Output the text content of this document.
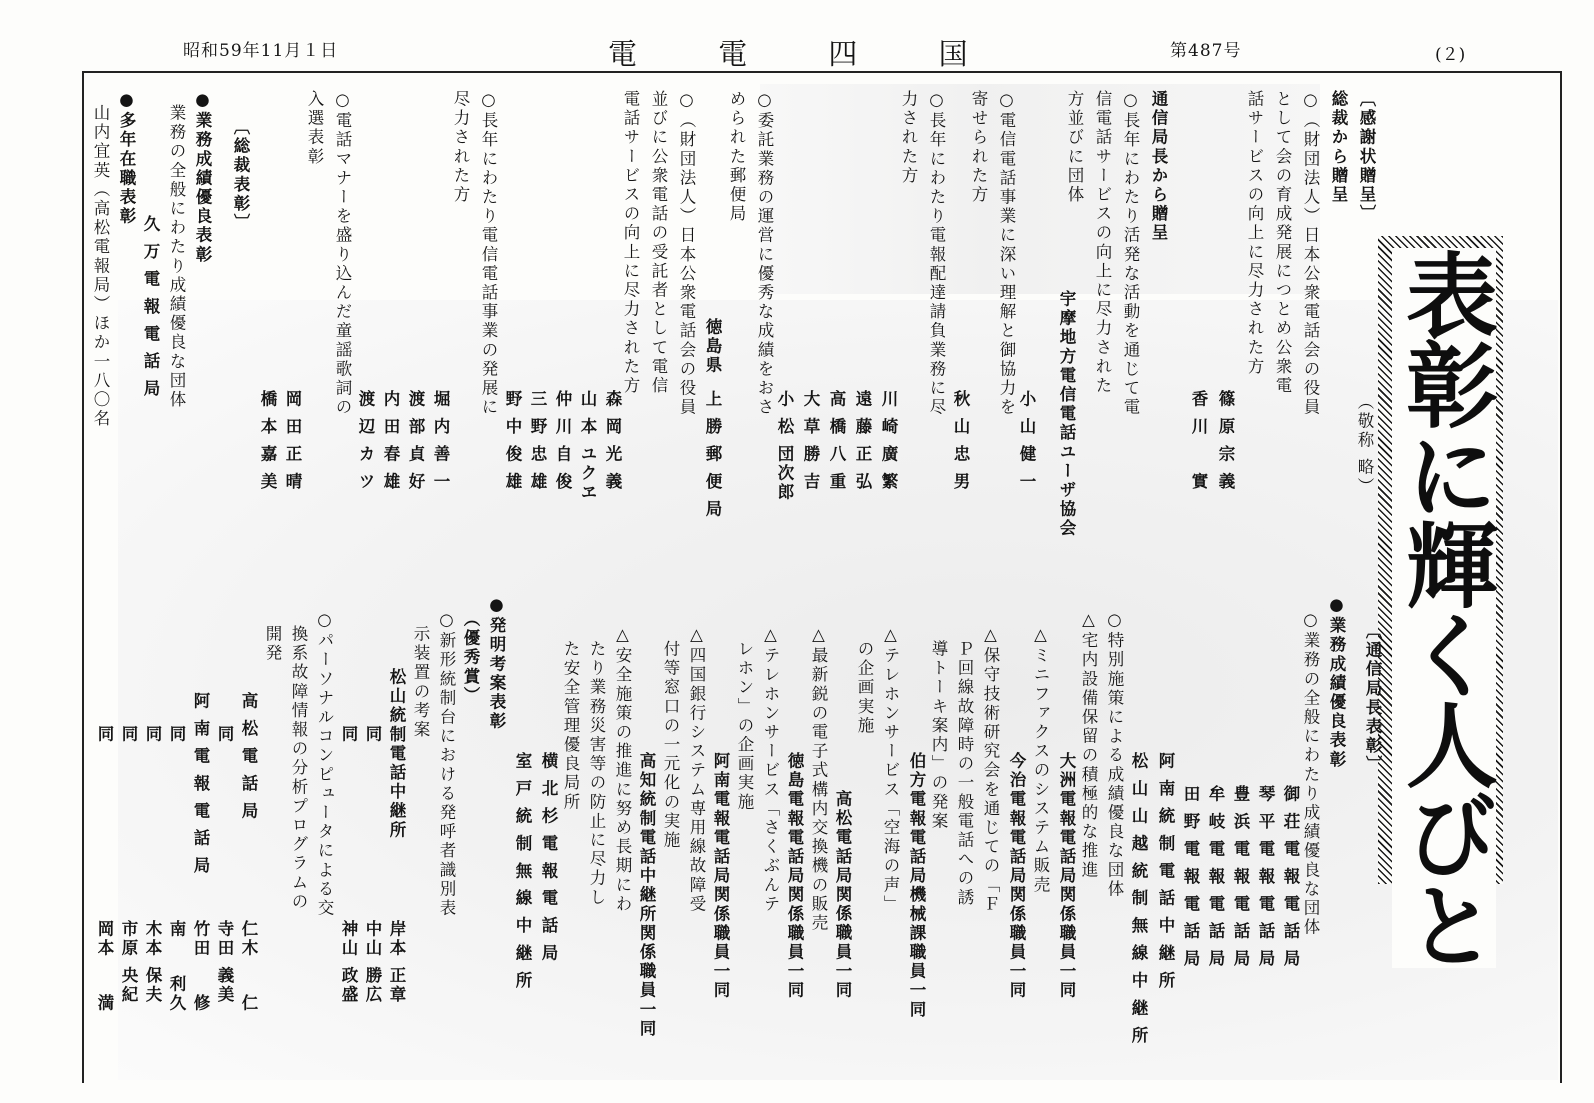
昭和59年11月１日	電 電 四 国	第487号	(２)
表彰に輝く人びと
〔感謝状贈呈〕
総裁から贈呈
○（財団法人）日本公衆電話会の役員
として会の育成発展につとめ公衆電
話サービスの向上に尽力された方
（敬称 略）
篠 原 宗 義
香 川 　 實
通信局長から贈呈
○長年にわたり活発な活動を通じて電
信電話サービスの向上に尽力された
方並びに団体
宇摩地方電信電話ユーザ協会
小 山 健 一
○電信電話事業に深い理解と御協力を
寄せられた方
秋 山 忠 男
○長年にわたり電報配達請負業務に尽
力された方
川 崎 廣 繁
遠 藤 正 弘
高 橋 八 重
大 草 勝 吉
小 松 団次郎
○委託業務の運営に優秀な成績をおさ
められた郵便局
徳島県
上 勝 郵 便 局
○（財団法人）日本公衆電話会の役員
並びに公衆電話の受託者として電信
電話サービスの向上に尽力された方
森 岡 光 義
山 本 ユクヱ
仲 川 自 俊
三 野 忠 雄
野 中 俊 雄
○長年にわたり電信電話事業の発展に
尽力された方
堀 内 善 一
渡 部 貞 好
内 田 春 雄
渡 辺 カ ツ
○電話マナーを盛り込んだ童謡歌詞の
入選表彰
岡 田 正 晴
橋 本 嘉 美
〔総裁表彰〕
●業務成績優良表彰
業務の全般にわたり成績優良な団体
久 万 電 報 電 話 局
●多年在職表彰
山内宜英（高松電報局）ほか一八〇名
〔通信局長表彰〕
●業務成績優良表彰
○業務の全般にわたり成績優良な団体
御 荘 電 報 電 話 局
琴 平 電 報 電 話 局
豊 浜 電 報 電 話 局
牟 岐 電 報 電 話 局
田 野 電 報 電 話 局
阿 南 統 制 電 話 中 継 所
松 山 山 越 統 制 無 線 中 継 所
○特別施策による成績優良な団体
△宅内設備保留の積極的な推進
大洲電報電話局関係職員一同
△ミニファクスのシステム販売
今治電報電話局関係職員一同
△保守技術研究会を通じての「Ｆ
Ｐ回線故障時の一般電話への誘
導トーキ案内」の発案
伯方電報電話局機械課職員一同
△テレホンサービス「空海の声」
の企画実施
高松電話局関係職員一同
△最新鋭の電子式構内交換機の販売
徳島電報電話局関係職員一同
△テレホンサービス「さくぶんテ
レホン」の企画実施
阿南電報電話局関係職員一同
△四国銀行システム専用線故障受
付等窓口の一元化の実施
高知統制電話中継所関係職員一同
△安全施策の推進に努め長期にわ
たり業務災害等の防止に尽力し
た安全管理優良局所
横 北 杉 電 報 電 話 局
室 戸 統 制 無 線 中 継 所
●発明考案表彰
（優秀賞）
○新形統制台における発呼者識別表
示装置の考案
松山統制電話中継所
岸本 正章
同
中山 勝広
同
神山 政盛
○パーソナルコンピュータによる交
換系故障情報の分析プログラムの
開発
高 松 電 話 局
仁木 　 仁
同
寺田 義美
阿 南 電 報 電 話 局
竹田 　 修
同
南 　 利久
同
木本 保夫
同
市原 央紀
同
岡本 　 満
